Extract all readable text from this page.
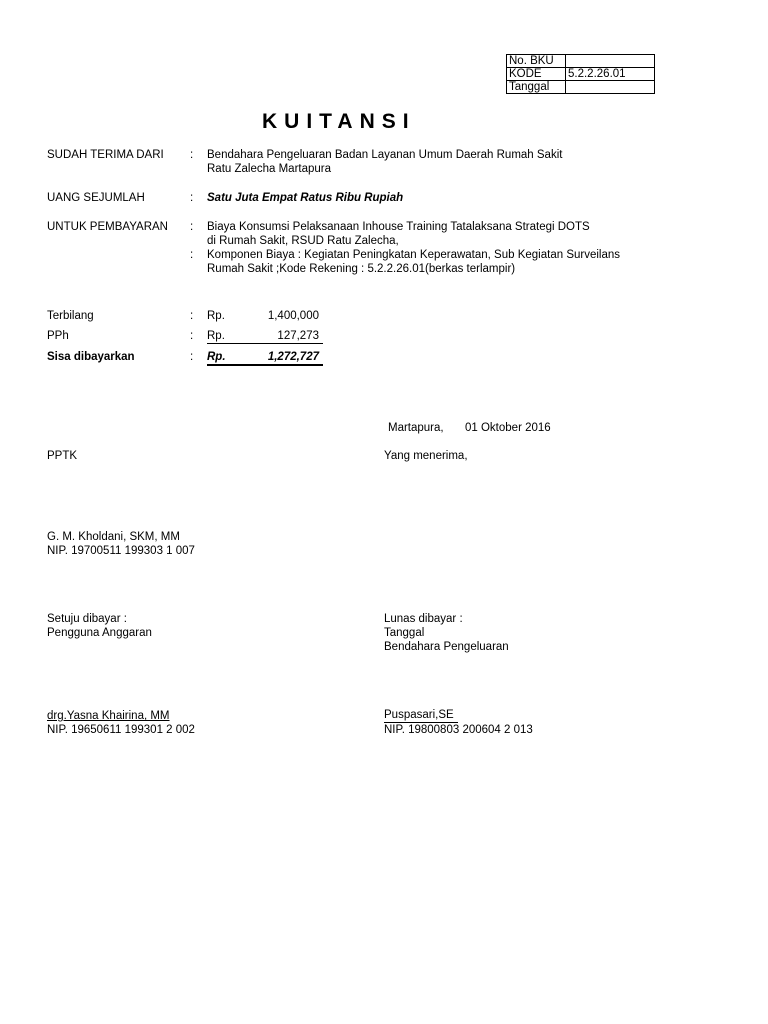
No. BKU	
KODE	5.2.2.26.01
Tanggal	
KUITANSI
SUDAH TERIMA DARI : Bendahara Pengeluaran Badan Layanan Umum Daerah Rumah Sakit
Ratu Zalecha Martapura
UANG SEJUMLAH	: Satu Juta Empat Ratus Ribu Rupiah
UNTUK PEMBAYARAN : Biaya Konsumsi Pelaksanaan Inhouse Training Tatalaksana Strategi DOTS
di Rumah Sakit, RSUD Ratu Zalecha,
: Komponen Biaya : Kegiatan Peningkatan Keperawatan, Sub Kegiatan Surveilans
Rumah Sakit ;Kode Rekening : 5.2.2.26.01(berkas terlampir)
Terbilang	: Rp.	1,400,000
PPh	: Rp.	127,273
Sisa dibayarkan	: Rp.	1,272,727
Martapura, 01 Oktober 2016
PPTK	Yang menerima,
G. M. Kholdani, SKM, MM
NIP. 19700511 199303 1 007
Setuju dibayar :
Pengguna Anggaran
Lunas dibayar :
Tanggal
Bendahara Pengeluaran
drg.Yasna Khairina, MM
NIP. 19650611 199301 2 002
Puspasari,SE
NIP. 19800803 200604 2 013
